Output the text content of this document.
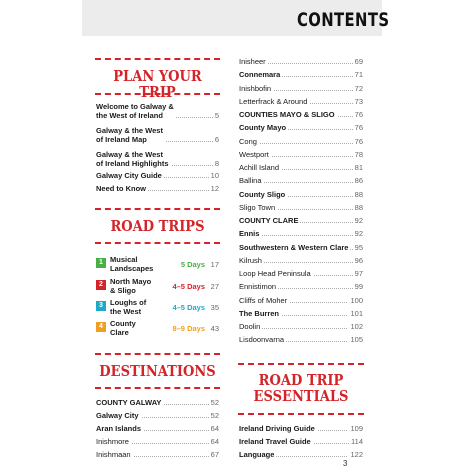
CONTENTS
PLAN YOUR TRIP
Welcome to Galway &
the West of Ireland	5
Galway & the West
of Ireland Map	6
Galway & the West
of Ireland Highlights	8
Galway City Guide	10
Need to Know	12
ROAD TRIPS
1 Musical
Landscapes	5 Days 17
2 North Mayo
& Sligo	4–5 Days 27
3 Loughs of
the West	4–5 Days 35
4 County
Clare	8–9 Days 43
DESTINATIONS
COUNTY GALWAY	52
Galway City	52
Aran Islands	64
Inishmore	64
Inishmaan	67
Inisheer	69
Connemara	71
Inishbofin	72
Letterfrack & Around	73
COUNTIES MAYO & SLIGO	76
County Mayo	76
Cong	76
Westport	78
Achill Island	81
Ballina	86
County Sligo	88
Sligo Town	88
COUNTY CLARE	92
Ennis	92
Southwestern & Western Clare 95
Kilrush	96
Loop Head Peninsula	97
Ennistimon	99
Cliffs of Moher	100
The Burren	101
Doolin	102
Lisdoonvarna	105
ROAD TRIP
ESSENTIALS
Ireland Driving Guide	109
Ireland Travel Guide	114
Language	122
3
